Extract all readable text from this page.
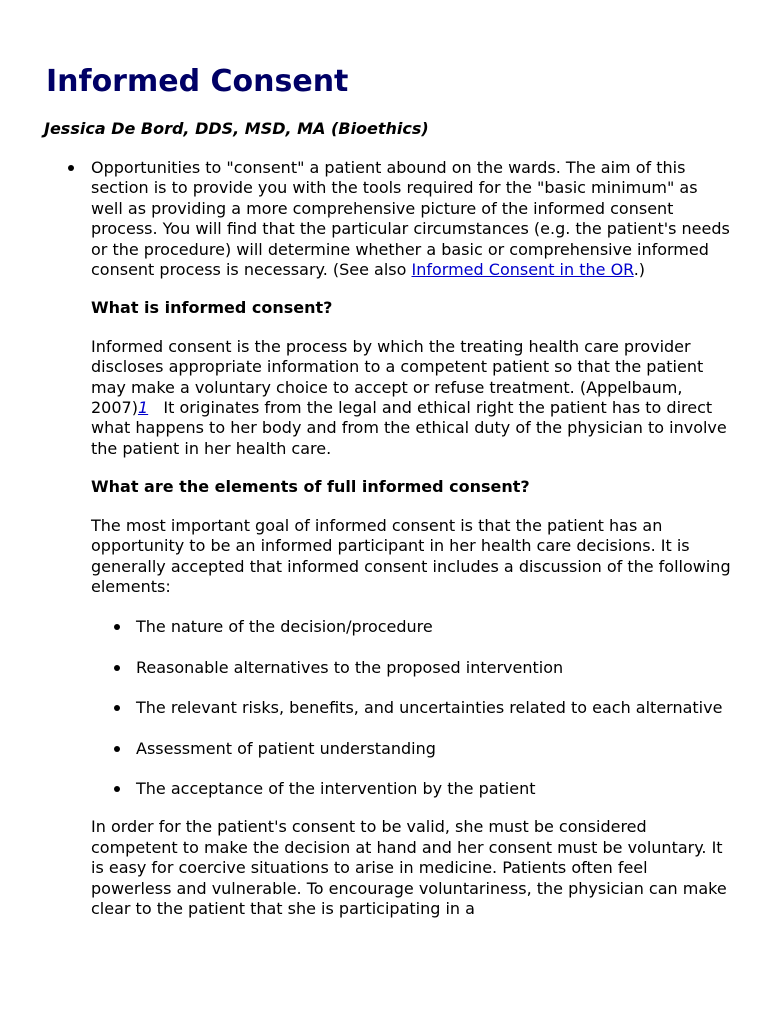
Informed Consent

Jessica De Bord, DDS, MSD, MA (Bioethics)

Opportunities to "consent" a patient abound on the wards. The aim of this section is to provide you with the tools required for the "basic minimum" as well as providing a more comprehensive picture of the informed consent process. You will find that the particular circumstances (e.g. the patient's needs or the procedure) will determine whether a basic or comprehensive informed consent process is necessary. (See also Informed Consent in the OR.)

What is informed consent?

Informed consent is the process by which the treating health care provider discloses appropriate information to a competent patient so that the patient may make a voluntary choice to accept or refuse treatment. (Appelbaum, 2007)1 It originates from the legal and ethical right the patient has to direct what happens to her body and from the ethical duty of the physician to involve the patient in her health care.

What are the elements of full informed consent?

The most important goal of informed consent is that the patient has an opportunity to be an informed participant in her health care decisions. It is generally accepted that informed consent includes a discussion of the following elements:

The nature of the decision/procedure
Reasonable alternatives to the proposed intervention
The relevant risks, benefits, and uncertainties related to each alternative
Assessment of patient understanding
The acceptance of the intervention by the patient

In order for the patient's consent to be valid, she must be considered competent to make the decision at hand and her consent must be voluntary. It is easy for coercive situations to arise in medicine. Patients often feel powerless and vulnerable. To encourage voluntariness, the physician can make clear to the patient that she is participating in a
